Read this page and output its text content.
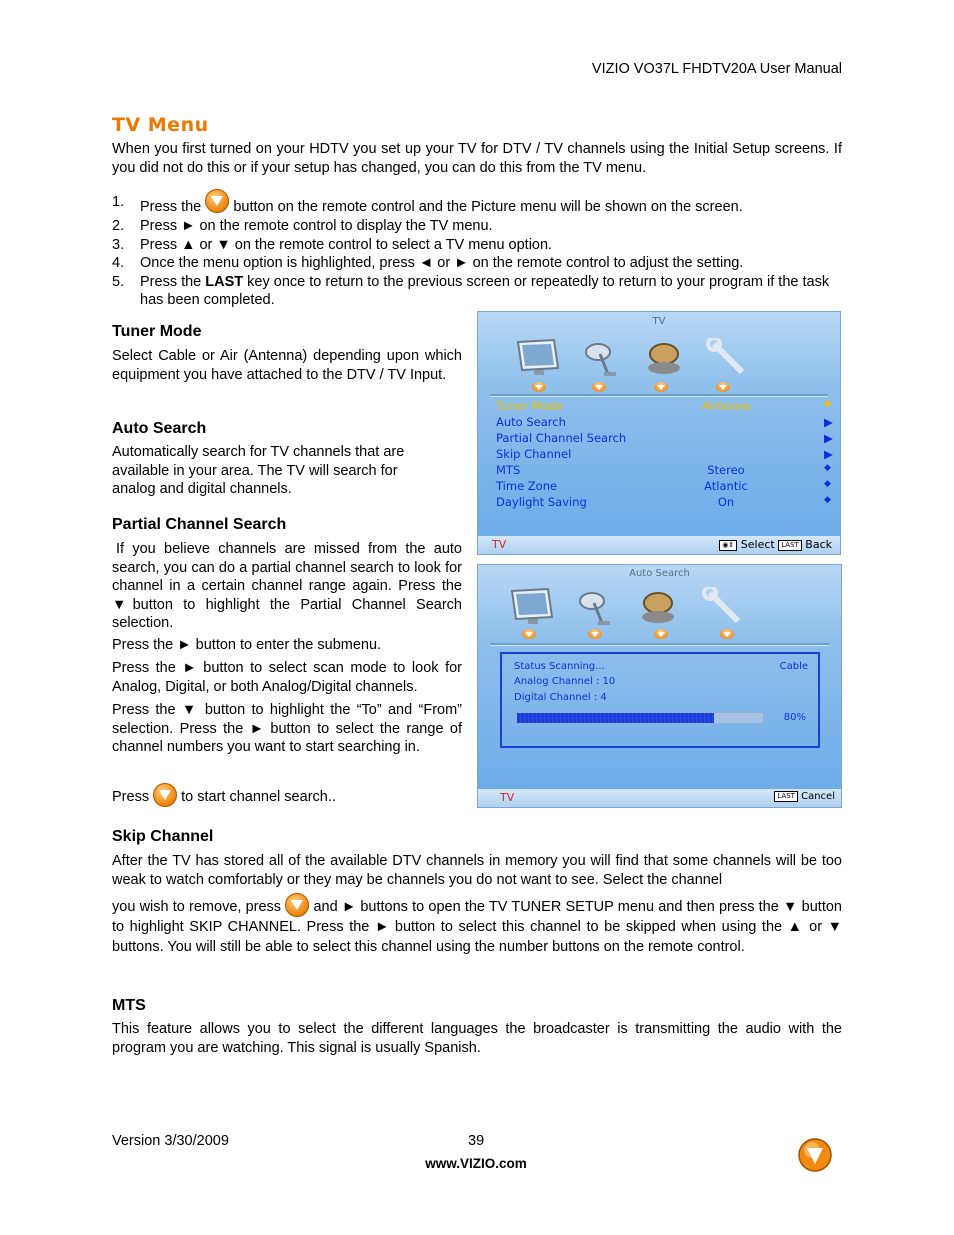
VIZIO VO37L FHDTV20A User Manual
TV Menu
When you first turned on your HDTV you set up your TV for DTV / TV channels using the Initial Setup screens. If you did not do this or if your setup has changed, you can do this from the TV menu.
1. Press the button on the remote control and the Picture menu will be shown on the screen.
2. Press ► on the remote control to display the TV menu.
3. Press ▲ or ▼ on the remote control to select a TV menu option.
4. Once the menu option is highlighted, press ◄ or ► on the remote control to adjust the setting.
5. Press the LAST key once to return to the previous screen or repeatedly to return to your program if the task has been completed.
Tuner Mode
Select Cable or Air (Antenna) depending upon which equipment you have attached to the DTV / TV Input.
Auto Search
Automatically search for TV channels that are available in your area. The TV will search for analog and digital channels.
Partial Channel Search
If you believe channels are missed from the auto search, you can do a partial channel search to look for channel in a certain channel range again. Press the ▼button to highlight the Partial Channel Search selection.
Press the ► button to enter the submenu.
Press the ► button to select scan mode to look for Analog, Digital, or both Analog/Digital channels.
Press the ▼ button to highlight the “To” and “From” selection. Press the ► button to select the range of channel numbers you want to start searching in.
Press to start channel search..
TV
Tuner Mode	Antenna	◆
Auto Search	▶
Partial Channel Search	▶
Skip Channel	▶
MTS	Stereo	◆
Time Zone	Atlantic	◆
Daylight Saving	On	◆
TV	◉⇕ Select LAST Back
Auto Search
Status Scanning...	Cable
Analog Channel : 10
Digital Channel : 4
80%
TV	LAST Cancel
Skip Channel
After the TV has stored all of the available DTV channels in memory you will find that some channels will be too weak to watch comfortably or they may be channels you do not want to see. Select the channel
you wish to remove, press and ► buttons to open the TV TUNER SETUP menu and then press the ▼ button to highlight SKIP CHANNEL. Press the ► button to select this channel to be skipped when using the ▲ or ▼ buttons. You will still be able to select this channel using the number buttons on the remote control.
MTS
This feature allows you to select the different languages the broadcaster is transmitting the audio with the program you are watching. This signal is usually Spanish.
Version 3/30/2009	39
www.VIZIO.com
